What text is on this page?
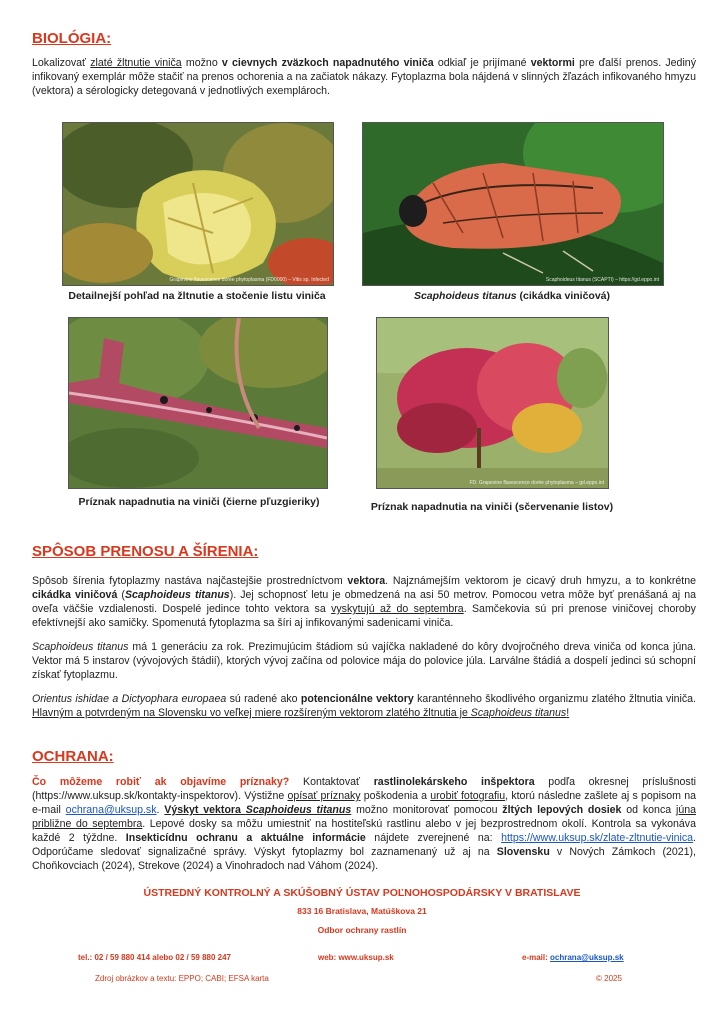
BIOLÓGIA:
Lokalizovať zlaté žltnutie viniča možno v cievnych zväzkoch napadnutého viniča odkiaľ je prijímané vektormi pre ďalší prenos. Jediný infikovaný exemplár môže stačiť na prenos ochorenia a na začiatok nákazy. Fytoplazma bola nájdená v slinných žľazách infikovaného hmyzu (vektora) a sérologicky detegovaná v jednotlivých exemplároch.
Grapevine flavescence dorée phytoplasma (FD0000) – Vitis sp. Infected
Detailnejší pohľad na žltnutie a stočenie listu viniča
Scaphoideus titanus (SCAPTI) – https://gd.eppo.int
Scaphoideus titanus (cikádka viničová)
Príznak napadnutia na viniči (čierne pľuzgieriky)
FD. Grapevine flavescence dorée phytoplasma – gd.eppo.int
Príznak napadnutia na viniči (sčervenanie listov)
SPÔSOB PRENOSU A ŠÍRENIA:
Spôsob šírenia fytoplazmy nastáva najčastejšie prostredníctvom vektora. Najznámejším vektorom je cicavý druh hmyzu, a to konkrétne cikádka viničová (Scaphoideus titanus). Jej schopnosť letu je obmedzená na asi 50 metrov. Pomocou vetra môže byť prenášaná aj na oveľa väčšie vzdialenosti. Dospelé jedince tohto vektora sa vyskytujú až do septembra. Samčekovia sú pri prenose viničovej choroby efektívnejší ako samičky. Spomenutá fytoplazma sa šíri aj infikovanými sadenicami viniča.
Scaphoideus titanus má 1 generáciu za rok. Prezimujúcim štádiom sú vajíčka nakladené do kôry dvojročného dreva viniča od konca júna. Vektor má 5 instarov (vývojových štádií), ktorých vývoj začína od polovice mája do polovice júla. Larválne štádiá a dospelí jedinci sú schopní získať fytoplazmu.
Orientus ishidae a Dictyophara europaea sú radené ako potencionálne vektory karanténneho škodlivého organizmu zlatého žltnutia viniča. Hlavným a potvrdeným na Slovensku vo veľkej miere rozšíreným vektorom zlatého žltnutia je Scaphoideus titanus!
OCHRANA:
Čo môžeme robiť ak objavíme príznaky? Kontaktovať rastlinolekárskeho inšpektora podľa okresnej príslušnosti (https://www.uksup.sk/kontakty-inspektorov). Výstižne opísať príznaky poškodenia a urobiť fotografiu, ktorú následne zašlete aj s popisom na e-mail ochrana@uksup.sk. Výskyt vektora Scaphoideus titanus možno monitorovať pomocou žltých lepových dosiek od konca júna približne do septembra. Lepové dosky sa môžu umiestniť na hostiteľskú rastlinu alebo v jej bezprostrednom okolí. Kontrola sa vykonáva každé 2 týždne. Insekticídnu ochranu a aktuálne informácie nájdete zverejnené na: https://www.uksup.sk/zlate-zltnutie-vinica. Odporúčame sledovať signalizačné správy. Výskyt fytoplazmy bol zaznamenaný už aj na Slovensku v Nových Zámkoch (2021), Choňkovciach (2024), Strekove (2024) a Vinohradoch nad Váhom (2024).
ÚSTREDNÝ KONTROLNÝ A SKÚŠOBNÝ ÚSTAV POĽNOHOSPODÁRSKY V BRATISLAVE
833 16 Bratislava, Matúškova 21
Odbor ochrany rastlín
tel.: 02 / 59 880 414 alebo 02 / 59 880 247	web: www.uksup.sk	e-mail: ochrana@uksup.sk
Zdroj obrázkov a textu: EPPO; CABI; EFSA karta	© 2025
